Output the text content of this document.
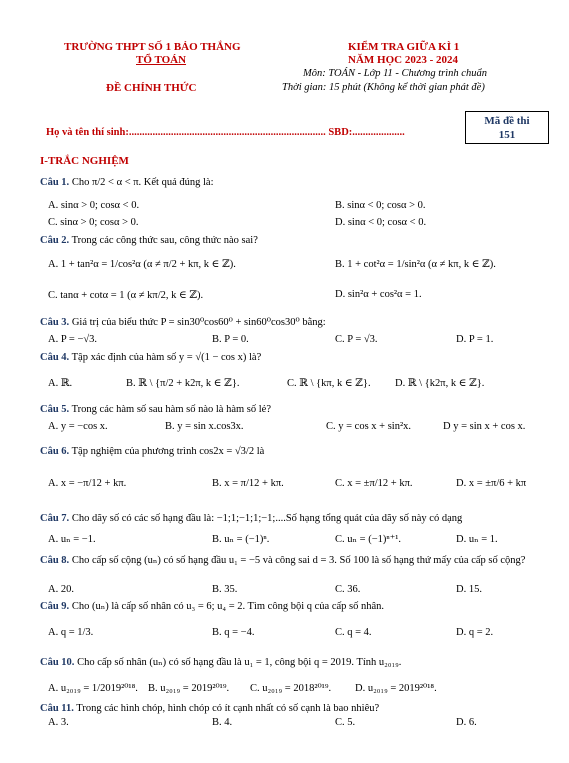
TRƯỜNG THPT SỐ 1 BẢO THẮNG
TỔ TOÁN
ĐỀ CHÍNH THỨC
KIỂM TRA GIỮA KÌ 1
NĂM HỌC 2023 - 2024
Môn: TOÁN - Lớp 11 - Chương trình chuẩn
Thời gian: 15 phút (Không kể thời gian phát đề)
Mã đề thi
151
Họ và tên thí sinh:........................................................................... SBD:....................
I-TRẮC NGHIỆM
Câu 1. Cho π/2 < α < π. Kết quả đúng là:
A. sinα > 0; cosα < 0.	B. sinα < 0; cosα > 0.
C. sinα > 0; cosα > 0.	D. sinα < 0; cosα < 0.
Câu 2. Trong các công thức sau, công thức nào sai?
A. 1 + tan²α = 1/cos²α (α ≠ π/2 + kπ, k ∈ ℤ).	B. 1 + cot²α = 1/sin²α (α ≠ kπ, k ∈ ℤ).
C. tanα + cotα = 1 (α ≠ kπ/2, k ∈ ℤ).	D. sin²α + cos²α = 1.
Câu 3. Giá trị của biểu thức P = sin30⁰cos60⁰ + sin60⁰cos30⁰ bằng:
A. P = −√3.	B. P = 0.	C. P = √3.	D. P = 1.
Câu 4. Tập xác định của hàm số y = √(1 − cos x) là?
A. ℝ.	B. ℝ \ {π/2 + k2π, k ∈ ℤ}.	C. ℝ \ {kπ, k ∈ ℤ}. D. ℝ \ {k2π, k ∈ ℤ}.
Câu 5. Trong các hàm số sau hàm số nào là hàm số lẻ?
A. y = −cos x.	B. y = sin x.cos3x.	C. y = cos x + sin²x.	D y = sin x + cos x.
Câu 6. Tập nghiệm của phương trình cos2x = √3/2 là
A. x = −π/12 + kπ.	B. x = π/12 + kπ.	C. x = ±π/12 + kπ.	D. x = ±π/6 + kπ
Câu 7. Cho dãy số có các số hạng đầu là: −1;1;−1;1;−1;....Số hạng tổng quát của dãy số này có dạng
A. uₙ = −1.	B. uₙ = (−1)ⁿ.	C. uₙ = (−1)ⁿ⁺¹.	D. uₙ = 1.
Câu 8. Cho cấp số cộng (uₙ) có số hạng đầu u₁ = −5 và công sai d = 3. Số 100 là số hạng thứ mấy của cấp số cộng?
A. 20.	B. 35.	C. 36.	D. 15.
Câu 9. Cho (uₙ) là cấp số nhân có u₃ = 6; u₄ = 2. Tìm công bội q của cấp số nhân.
A. q = 1/3.	B. q = −4.	C. q = 4.	D. q = 2.
Câu 10. Cho cấp số nhân (uₙ) có số hạng đầu là u₁ = 1, công bội q = 2019. Tính u₂₀₁₉.
A. u₂₀₁₉ = 1/2019²⁰¹⁸. B. u₂₀₁₉ = 2019²⁰¹⁹. C. u₂₀₁₉ = 2018²⁰¹⁹. D. u₂₀₁₉ = 2019²⁰¹⁸.
Câu 11. Trong các hình chóp, hình chóp có ít cạnh nhất có số cạnh là bao nhiêu?
A. 3.	B. 4.	C. 5.	D. 6.
